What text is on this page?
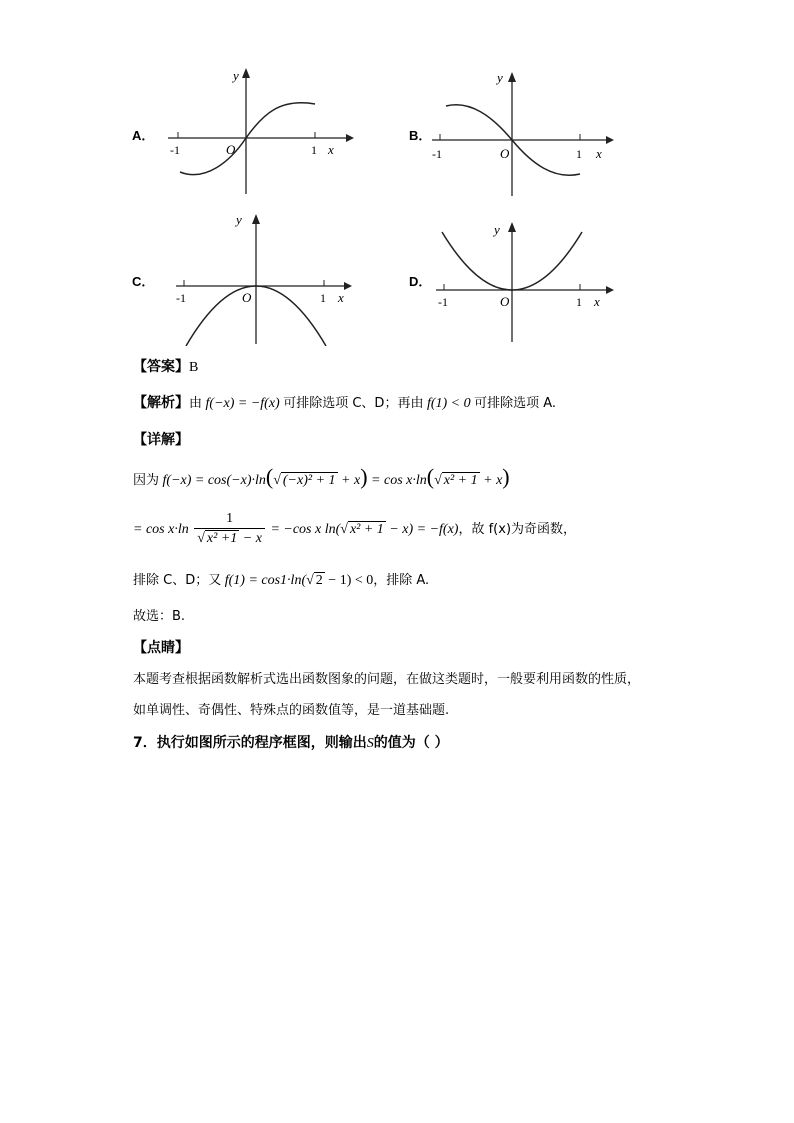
A．
y
x
O
-1	1
B．
y
x
O
-1	1
C．
y
x
O
-1	1
D．
y
x
O
-1	1
【答案】B
【解析】由 f(−x) = −f(x) 可排除选项 C、D；再由 f(1) < 0 可排除选项 A.
【详解】
因为 f(−x) = cos(−x)·ln(√ (−x)² + 1 + x) = cos x·ln(√ x² + 1 + x)
= $\cos x\cdot\ln \frac{1}{\text{√ x² +1 − x}} = -\cos$ x ln(√ x² + 1 − x) = −f(x)，故 f(x)为奇函数，
排除 C、D；又 f(1) = cos1·ln(√ 2 − 1) < 0，排除 A.
故选：B.
【点睛】
本题考查根据函数解析式选出函数图象的问题，在做这类题时，一般要利用函数的性质，
如单调性、奇偶性、特殊点的函数值等，是一道基础题.
7．执行如图所示的程序框图，则输出S的值为（ ）
